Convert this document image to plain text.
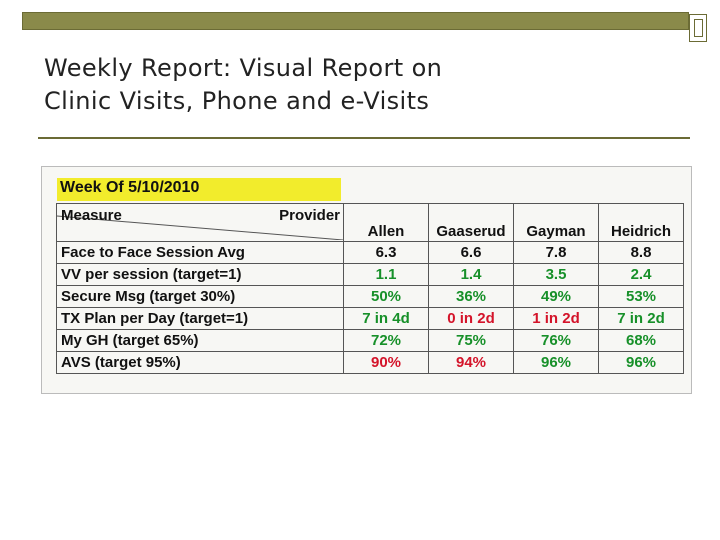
Weekly Report: Visual Report on
Clinic Visits, Phone and e-Visits
Week Of 5/10/2010
Measure Provider	Allen	Gaaserud	Gayman	Heidrich
Face to Face Session Avg	6.3	6.6	7.8	8.8
VV per session (target=1)	1.1	1.4	3.5	2.4
Secure Msg (target 30%)	50%	36%	49%	53%
TX Plan per Day (target=1)	7 in 4d	0 in 2d	1 in 2d	7 in 2d
My GH (target 65%)	72%	75%	76%	68%
AVS (target 95%)	90%	94%	96%	96%
